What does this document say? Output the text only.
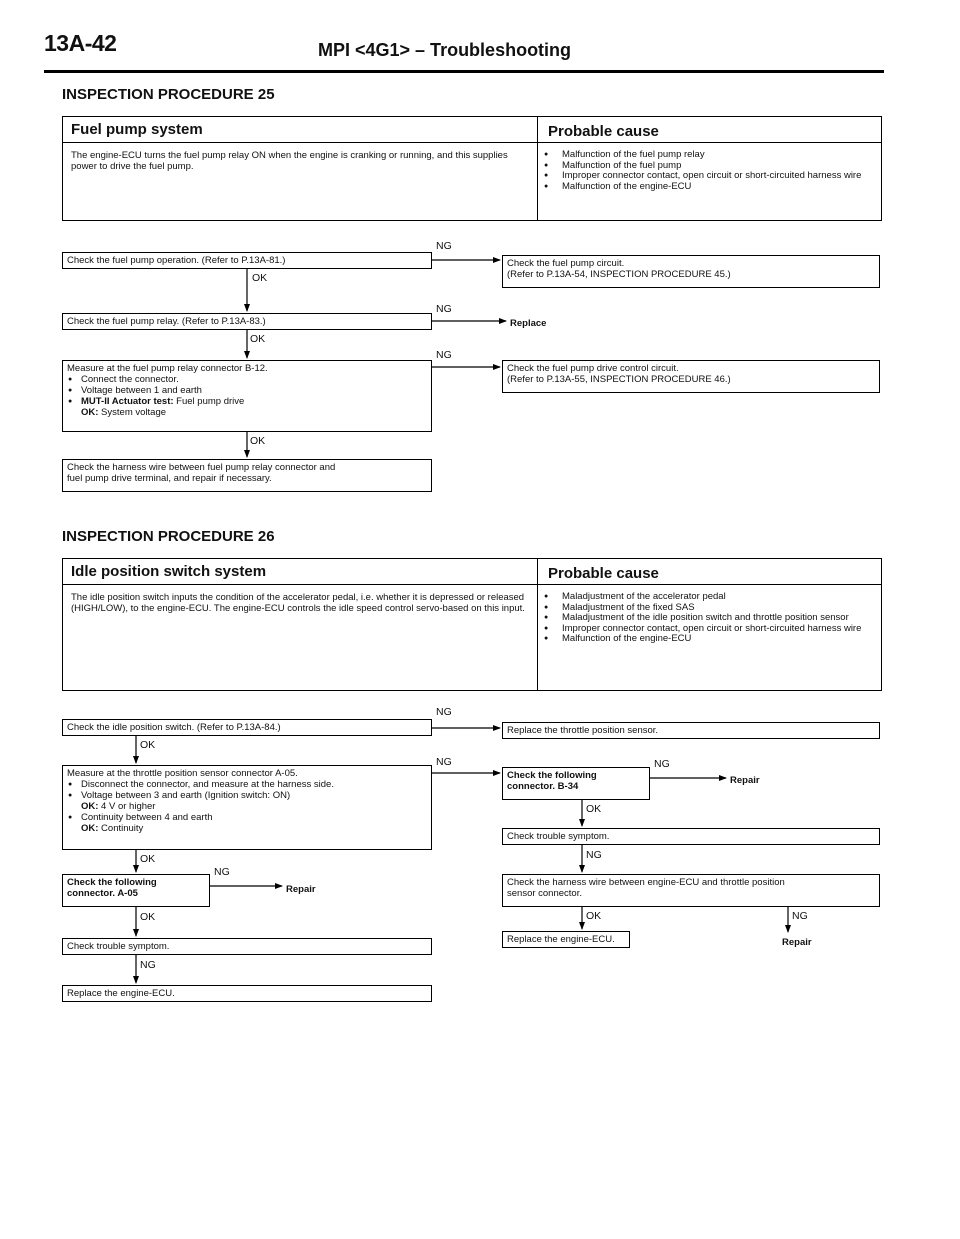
13A-42	MPI <4G1> – Troubleshooting
INSPECTION PROCEDURE 25
Fuel pump system
The engine-ECU turns the fuel pump relay ON when the engine is cranking or running, and this supplies power to drive the fuel pump.
Probable cause
● Malfunction of the fuel pump relay
● Malfunction of the fuel pump
● Improper connector contact, open circuit or short-circuited harness wire
● Malfunction of the engine-ECU
Check the fuel pump operation. (Refer to P.13A-81.)	Check the fuel pump circuit.
(Refer to P.13A-54, INSPECTION PROCEDURE 45.)
Check the fuel pump relay. (Refer to P.13A-83.)	Replace
Measure at the fuel pump relay connector B-12.
● Connect the connector.
● Voltage between 1 and earth
● MUT-II Actuator test: Fuel pump drive
OK: System voltage
Check the fuel pump drive control circuit.
(Refer to P.13A-55, INSPECTION PROCEDURE 46.)
Check the harness wire between fuel pump relay connector and
fuel pump drive terminal, and repair if necessary.
NG
OK
NG
OK
NG
OK
INSPECTION PROCEDURE 26
Idle position switch system
The idle position switch inputs the condition of the accelerator pedal, i.e. whether it is depressed or released (HIGH/LOW), to the engine-ECU. The engine-ECU controls the idle speed control servo-based on this input.
Probable cause
● Maladjustment of the accelerator pedal
● Maladjustment of the fixed SAS
● Maladjustment of the idle position switch and throttle position sensor
● Improper connector contact, open circuit or short-circuited harness wire
● Malfunction of the engine-ECU
Check the idle position switch. (Refer to P.13A-84.)	Replace the throttle position sensor.
Measure at the throttle position sensor connector A-05.
● Disconnect the connector, and measure at the harness side.
● Voltage between 3 and earth (Ignition switch: ON)
OK: 4 V or higher
● Continuity between 4 and earth
OK: Continuity
Check the following
connector. A-05	Repair
Check trouble symptom.
Replace the engine-ECU.
Check the following
connector. B-34
Repair
Check trouble symptom.
Check the harness wire between engine-ECU and throttle position
sensor connector.
Replace the engine-ECU.	Repair
NG
OK
NG
OK
NG
OK
NG
NG
OK
NG
OK	NG
